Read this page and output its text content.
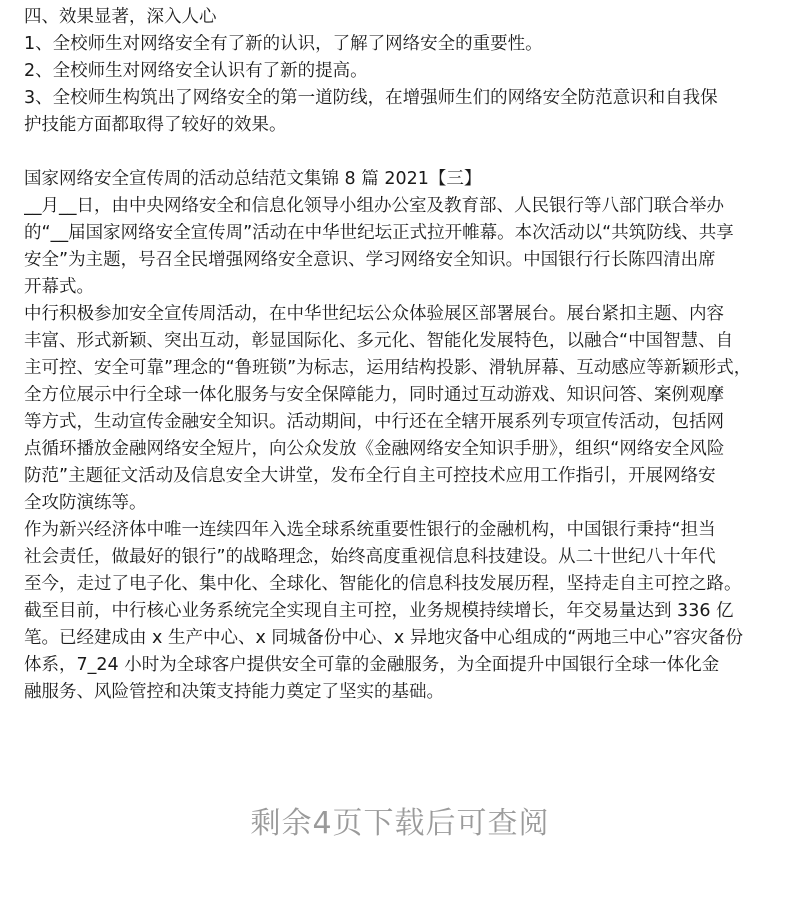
四、效果显著，深入人心
1、全校师生对网络安全有了新的认识，了解了网络安全的重要性。
2、全校师生对网络安全认识有了新的提高。
3、全校师生构筑出了网络安全的第一道防线，在增强师生们的网络安全防范意识和自我保
护技能方面都取得了较好的效果。
国家网络安全宣传周的活动总结范文集锦 8 篇 2021【三】
__月__日，由中央网络安全和信息化领导小组办公室及教育部、人民银行等八部门联合举办
的“__届国家网络安全宣传周”活动在中华世纪坛正式拉开帷幕。本次活动以“共筑防线、共享
安全”为主题，号召全民增强网络安全意识、学习网络安全知识。中国银行行长陈四清出席
开幕式。
中行积极参加安全宣传周活动，在中华世纪坛公众体验展区部署展台。展台紧扣主题、内容
丰富、形式新颖、突出互动，彰显国际化、多元化、智能化发展特色，以融合“中国智慧、自
主可控、安全可靠”理念的“鲁班锁”为标志，运用结构投影、滑轨屏幕、互动感应等新颖形式，
全方位展示中行全球一体化服务与安全保障能力，同时通过互动游戏、知识问答、案例观摩
等方式，生动宣传金融安全知识。活动期间，中行还在全辖开展系列专项宣传活动，包括网
点循环播放金融网络安全短片，向公众发放《金融网络安全知识手册》，组织“网络安全风险
防范”主题征文活动及信息安全大讲堂，发布全行自主可控技术应用工作指引，开展网络安
全攻防演练等。
作为新兴经济体中唯一连续四年入选全球系统重要性银行的金融机构，中国银行秉持“担当
社会责任，做最好的银行”的战略理念，始终高度重视信息科技建设。从二十世纪八十年代
至今，走过了电子化、集中化、全球化、智能化的信息科技发展历程，坚持走自主可控之路。
截至目前，中行核心业务系统完全实现自主可控，业务规模持续增长，年交易量达到 336 亿
笔。已经建成由 x 生产中心、x 同城备份中心、x 异地灾备中心组成的“两地三中心”容灾备份
体系，7_24 小时为全球客户提供安全可靠的金融服务，为全面提升中国银行全球一体化金
融服务、风险管控和决策支持能力奠定了坚实的基础。
剩余4页下载后可查阅
